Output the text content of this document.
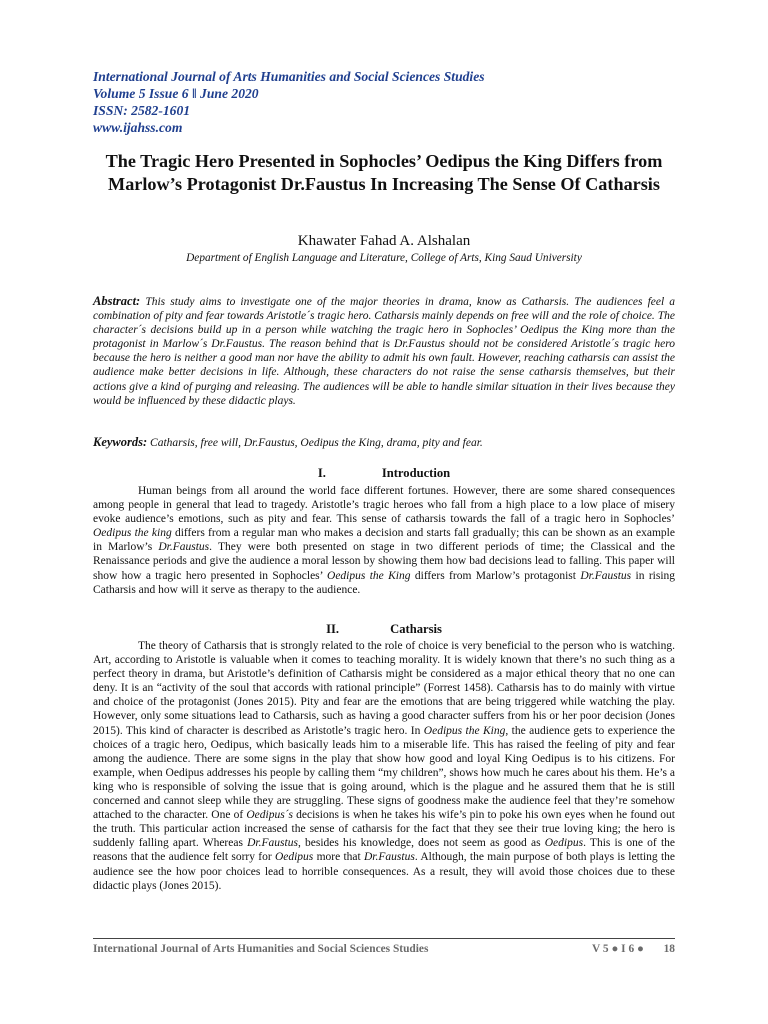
International Journal of Arts Humanities and Social Sciences Studies
Volume 5 Issue 6 ǁ June 2020
ISSN: 2582-1601
www.ijahss.com
The Tragic Hero Presented in Sophocles’ Oedipus the King Differs from Marlow’s Protagonist Dr.Faustus In Increasing The Sense Of Catharsis
Khawater Fahad A. Alshalan
Department of English Language and Literature, College of Arts, King Saud University
Abstract: This study aims to investigate one of the major theories in drama, know as Catharsis. The audiences feel a combination of pity and fear towards Aristotle´s tragic hero. Catharsis mainly depends on free will and the role of choice. The character´s decisions build up in a person while watching the tragic hero in Sophocles’ Oedipus the King more than the protagonist in Marlow´s Dr.Faustus. The reason behind that is Dr.Faustus should not be considered Aristotle´s tragic hero because the hero is neither a good man nor have the ability to admit his own fault. However, reaching catharsis can assist the audience make better decisions in life. Although, these characters do not raise the sense catharsis themselves, but their actions give a kind of purging and releasing. The audiences will be able to handle similar situation in their lives because they would be influenced by these didactic plays.
Keywords: Catharsis, free will, Dr.Faustus, Oedipus the King, drama, pity and fear.
I.	Introduction
Human beings from all around the world face different fortunes. However, there are some shared consequences among people in general that lead to tragedy. Aristotle’s tragic heroes who fall from a high place to a low place of misery evoke audience’s emotions, such as pity and fear. This sense of catharsis towards the fall of a tragic hero in Sophocles’ Oedipus the king differs from a regular man who makes a decision and starts fall gradually; this can be shown as an example in Marlow’s Dr.Faustus. They were both presented on stage in two different periods of time; the Classical and the Renaissance periods and give the audience a moral lesson by showing them how bad decisions lead to falling. This paper will show how a tragic hero presented in Sophocles’ Oedipus the King differs from Marlow’s protagonist Dr.Faustus in rising Catharsis and how will it serve as therapy to the audience.
II.	Catharsis
The theory of Catharsis that is strongly related to the role of choice is very beneficial to the person who is watching. Art, according to Aristotle is valuable when it comes to teaching morality. It is widely known that there’s no such thing as a perfect theory in drama, but Aristotle’s definition of Catharsis might be considered as a major ethical theory that no one can deny. It is an “activity of the soul that accords with rational principle” (Forrest 1458). Catharsis has to do mainly with virtue and choice of the protagonist (Jones 2015). Pity and fear are the emotions that are being triggered while watching the play. However, only some situations lead to Catharsis, such as having a good character suffers from his or her poor decision (Jones 2015). This kind of character is described as Aristotle’s tragic hero. In Oedipus the King, the audience gets to experience the choices of a tragic hero, Oedipus, which basically leads him to a miserable life. This has raised the feeling of pity and fear among the audience. There are some signs in the play that show how good and loyal King Oedipus is to his citizens. For example, when Oedipus addresses his people by calling them “my children”, shows how much he cares about his them. He’s a king who is responsible of solving the issue that is going around, which is the plague and he assured them that he is still concerned and cannot sleep while they are struggling. These signs of goodness make the audience feel that they’re somehow attached to the character. One of Oedipus´s decisions is when he takes his wife’s pin to poke his own eyes when he found out the truth. This particular action increased the sense of catharsis for the fact that they see their true loving king; the hero is suddenly falling apart. Whereas Dr.Faustus, besides his knowledge, does not seem as good as Oedipus. This is one of the reasons that the audience felt sorry for Oedipus more that Dr.Faustus. Although, the main purpose of both plays is letting the audience see the how poor choices lead to horrible consequences. As a result, they will avoid those choices due to these didactic plays (Jones 2015).
International Journal of Arts Humanities and Social Sciences Studies	V 5 ● I 6 ●  18
